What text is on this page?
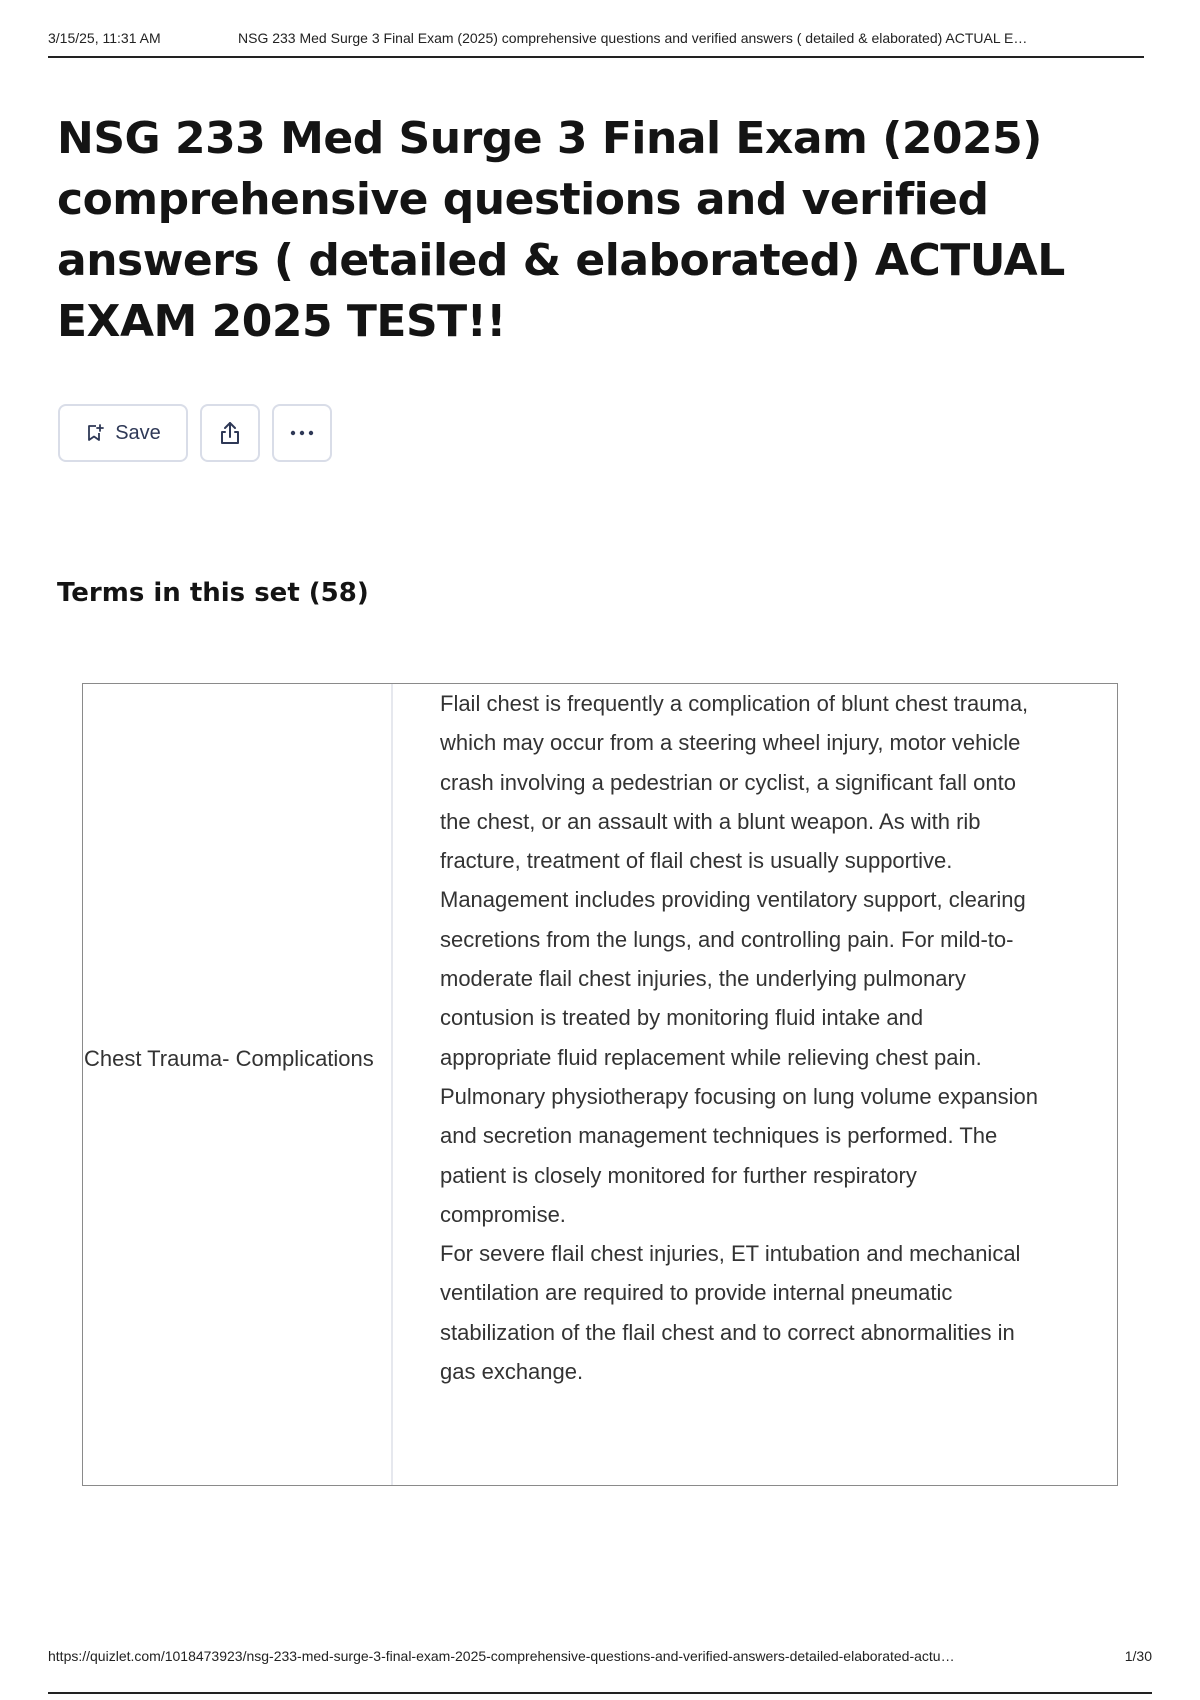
3/15/25, 11:31 AM	NSG 233 Med Surge 3 Final Exam (2025) comprehensive questions and verified answers ( detailed & elaborated) ACTUAL E…
NSG 233 Med Surge 3 Final Exam (2025) comprehensive questions and verified answers ( detailed & elaborated) ACTUAL EXAM 2025 TEST!!
Save
Terms in this set (58)
Chest Trauma- Complications

Flail chest is frequently a complication of blunt chest trauma, which may occur from a steering wheel injury, motor vehicle crash involving a pedestrian or cyclist, a significant fall onto the chest, or an assault with a blunt weapon. As with rib fracture, treatment of flail chest is usually supportive. Management includes providing ventilatory support, clearing secretions from the lungs, and controlling pain. For mild-to-moderate flail chest injuries, the underlying pulmonary contusion is treated by monitoring fluid intake and appropriate fluid replacement while relieving chest pain. Pulmonary physiotherapy focusing on lung volume expansion and secretion management techniques is performed. The patient is closely monitored for further respiratory compromise.

For severe flail chest injuries, ET intubation and mechanical ventilation are required to provide internal pneumatic stabilization of the flail chest and to correct abnormalities in gas exchange.

https://quizlet.com/1018473923/nsg-233-med-surge-3-final-exam-2025-comprehensive-questions-and-verified-answers-detailed-elaborated-actu…	1/30
